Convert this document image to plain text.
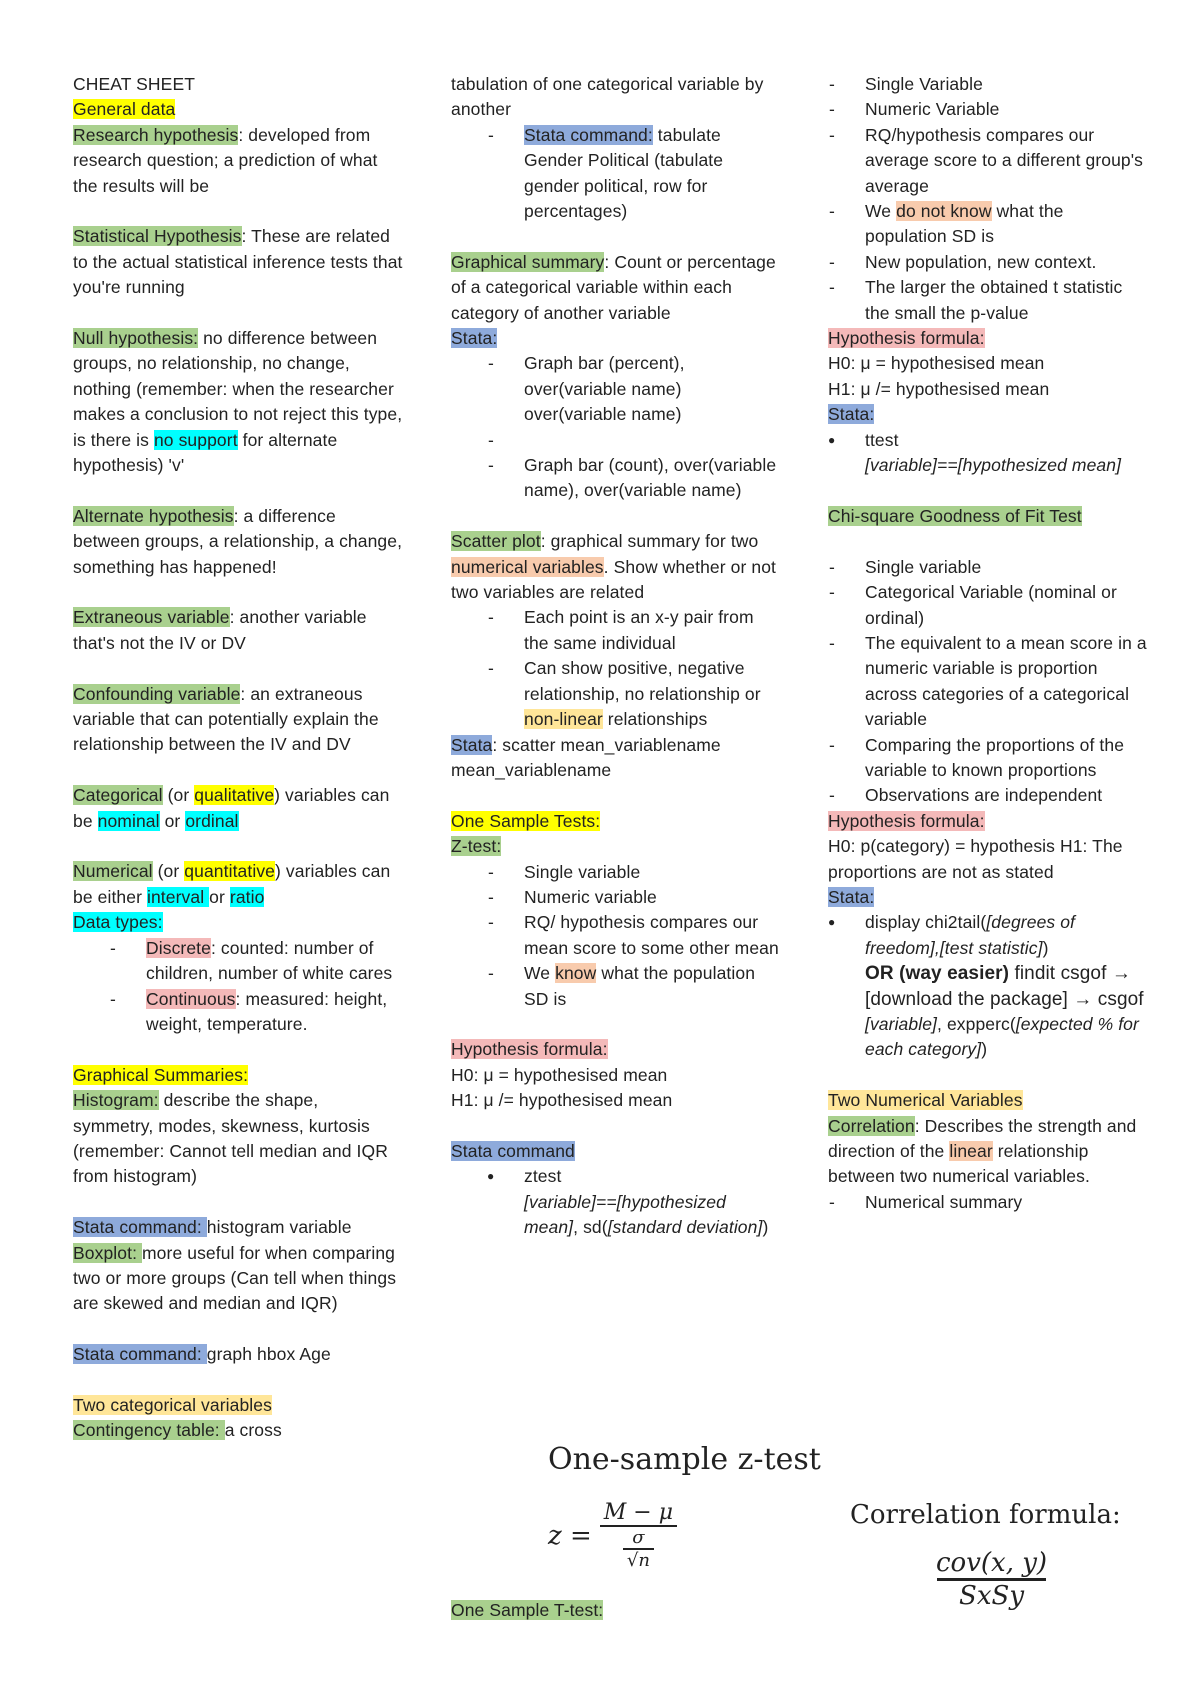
CHEAT SHEET
General data
Research hypothesis: developed from research question; a prediction of what the results will be
Statistical Hypothesis: These are related to the actual statistical inference tests that you're running
Null hypothesis: no difference between groups, no relationship, no change, nothing (remember: when the researcher makes a conclusion to not reject this type, is there is no support for alternate hypothesis) 'v'
Alternate hypothesis: a difference between groups, a relationship, a change, something has happened!
Extraneous variable: another variable that's not the IV or DV
Confounding variable: an extraneous variable that can potentially explain the relationship between the IV and DV
Categorical (or qualitative) variables can be nominal or ordinal
Numerical (or quantitative) variables can be either interval or ratio
Data types:
- Discrete: counted: number of children, number of white cares
- Continuous: measured: height, weight, temperature.
Graphical Summaries:
Histogram: describe the shape, symmetry, modes, skewness, kurtosis (remember: Cannot tell median and IQR from histogram)
Stata command: histogram variable
Boxplot: more useful for when comparing two or more groups (Can tell when things are skewed and median and IQR)
Stata command: graph hbox Age
Two categorical variables
Contingency table: a cross
tabulation of one categorical variable by another
- Stata command: tabulate Gender Political (tabulate gender political, row for percentages)
Graphical summary: Count or percentage of a categorical variable within each category of another variable
Stata:
- Graph bar (percent), over(variable name) over(variable name)
-
- Graph bar (count), over(variable name), over(variable name)
Scatter plot: graphical summary for two numerical variables. Show whether or not two variables are related
- Each point is an x-y pair from the same individual
- Can show positive, negative relationship, no relationship or non-linear relationships
Stata: scatter mean_variablename mean_variablename
One Sample Tests:
Z-test:
- Single variable
- Numeric variable
- RQ/ hypothesis compares our mean score to some other mean
- We know what the population SD is
Hypothesis formula:
H0: μ = hypothesised mean
H1: μ /= hypothesised mean
Stata command
● ztest
[variable]==[hypothesized mean], sd([standard deviation])
One-sample z-test
$z = \frac{M - \mu}{\frac{\sigma}{√n}}$
One Sample T-test:
- Single Variable
- Numeric Variable
- RQ/hypothesis compares our average score to a different group's average
- We do not know what the population SD is
- New population, new context.
- The larger the obtained t statistic the small the p-value
Hypothesis formula:
H0: μ = hypothesised mean
H1: μ /= hypothesised mean
Stata:
● ttest
[variable]==[hypothesized mean]
Chi-square Goodness of Fit Test
- Single variable
- Categorical Variable (nominal or ordinal)
- The equivalent to a mean score in a numeric variable is proportion across categories of a categorical variable
- Comparing the proportions of the variable to known proportions
- Observations are independent
Hypothesis formula:
H0: p(category) = hypothesis H1: The proportions are not as stated
Stata:
● display chi2tail([degrees of freedom],[test statistic])
OR (way easier) findit csgof → [download the package] → csgof [variable], expperc([expected % for each category])
Two Numerical Variables
Correlation: Describes the strength and direction of the linear relationship between two numerical variables.
- Numerical summary
Correlation formula:
$\frac{\text{cov(x, y)}}{\text{SxSy}}$
